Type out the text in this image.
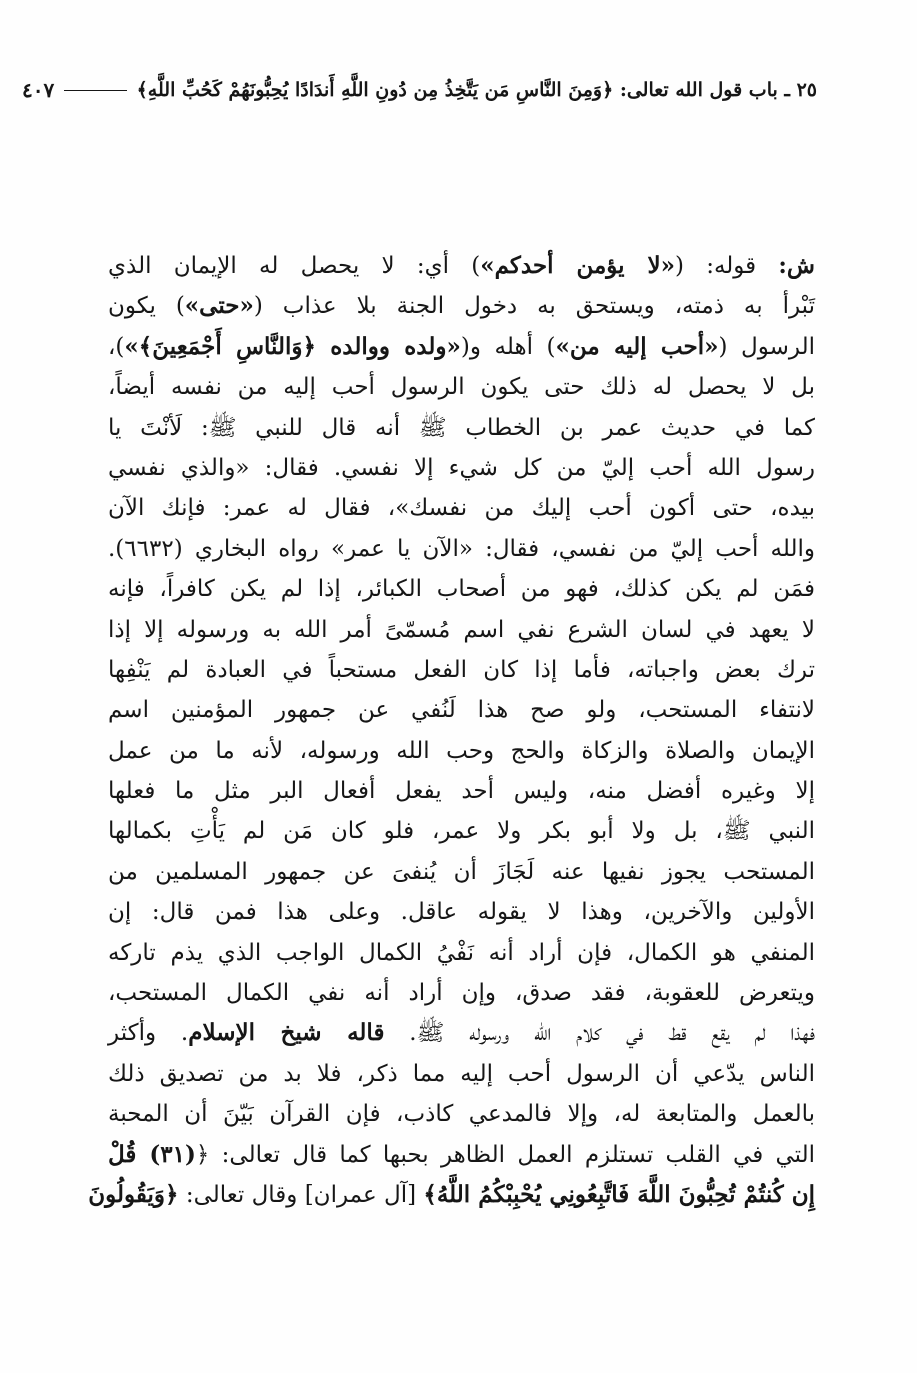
٢٥ ـ باب قول الله تعالى: ﴿وَمِنَ النَّاسِ مَن يَتَّخِذُ مِن دُونِ اللَّهِ أَندَادًا يُحِبُّونَهُمْ كَحُبِّ اللَّهِ﴾
٤٠٧
ش: قوله: («لا يؤمن أحدكم») أي: لا يحصل له الإيمان الذي
تَبْرأ به ذمته، ويستحق به دخول الجنة بلا عذاب («حتى») يكون
الرسول («أحب إليه من») أهله و(«ولده ووالده ﴿وَالنَّاسِ أَجْمَعِينَ﴾»)،
بل لا يحصل له ذلك حتى يكون الرسول أحب إليه من نفسه أيضاً،
كما في حديث عمر بن الخطاب ﷺ أنه قال للنبي ﷺ: لَأنْتَ يا
رسول الله أحب إليّ من كل شيء إلا نفسي. فقال: «والذي نفسي
بيده، حتى أكون أحب إليك من نفسك»، فقال له عمر: فإنك الآن
والله أحب إليّ من نفسي، فقال: «الآن يا عمر» رواه البخاري (٦٦٣٢).
فمَن لم يكن كذلك، فهو من أصحاب الكبائر، إذا لم يكن كافراً، فإنه
لا يعهد في لسان الشرع نفي اسم مُسمّىً أمر الله به ورسوله إلا إذا
ترك بعض واجباته، فأما إذا كان الفعل مستحباً في العبادة لم يَنْفِها
لانتفاء المستحب، ولو صح هذا لَنُفي عن جمهور المؤمنين اسم
الإيمان والصلاة والزكاة والحج وحب الله ورسوله، لأنه ما من عمل
إلا وغيره أفضل منه، وليس أحد يفعل أفعال البر مثل ما فعلها
النبي ﷺ، بل ولا أبو بكر ولا عمر، فلو كان مَن لم يَأْتِ بكمالها
المستحب يجوز نفيها عنه لَجَازَ أن يُنفىَ عن جمهور المسلمين من
الأولين والآخرين، وهذا لا يقوله عاقل. وعلى هذا فمن قال: إن
المنفي هو الكمال، فإن أراد أنه نَفْيُ الكمال الواجب الذي يذم تاركه
ويتعرض للعقوبة، فقد صدق، وإن أراد أنه نفي الكمال المستحب،
فهذا لم يقع قط في كلام الله ورسوله ﷺ. قاله شيخ الإسلام. وأكثر
الناس يدّعي أن الرسول أحب إليه مما ذكر، فلا بد من تصديق ذلك
بالعمل والمتابعة له، وإلا فالمدعي كاذب، فإن القرآن بَيّنَ أن المحبة
التي في القلب تستلزم العمل الظاهر بحبها كما قال تعالى: ﴿(٣١) قُلْ
إِن كُنتُمْ تُحِبُّونَ اللَّهَ فَاتَّبِعُونِي يُحْبِبْكُمُ اللَّهُ﴾ [آل عمران] وقال تعالى: ﴿وَيَقُولُونَ
